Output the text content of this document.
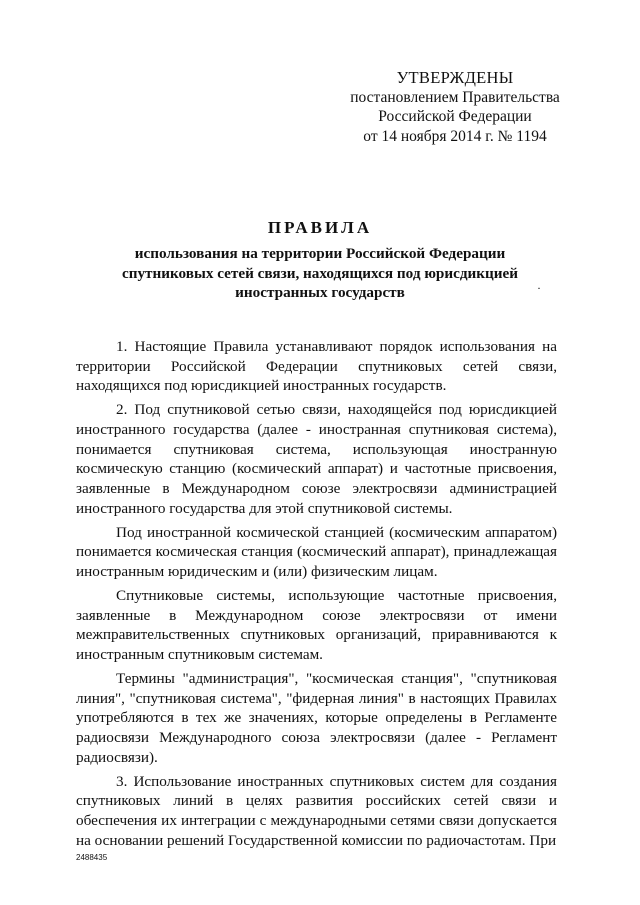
УТВЕРЖДЕНЫ
постановлением Правительства
Российской Федерации
от 14 ноября 2014 г. № 1194
ПРАВИЛА
использования на территории Российской Федерации спутниковых сетей связи, находящихся под юрисдикцией иностранных государств	·

1. Настоящие Правила устанавливают порядок использования на территории Российской Федерации спутниковых сетей связи, находящихся под юрисдикцией иностранных государств.

2. Под спутниковой сетью связи, находящейся под юрисдикцией иностранного государства (далее - иностранная спутниковая система), понимается спутниковая система, использующая иностранную космическую станцию (космический аппарат) и частотные присвоения, заявленные в Международном союзе электросвязи администрацией иностранного государства для этой спутниковой системы.

Под иностранной космической станцией (космическим аппаратом) понимается космическая станция (космический аппарат), принадлежащая иностранным юридическим и (или) физическим лицам.

Спутниковые системы, использующие частотные присвоения, заявленные в Международном союзе электросвязи от имени межправительственных спутниковых организаций, приравниваются к иностранным спутниковым системам.

Термины "администрация", "космическая станция", "спутниковая линия", "спутниковая система", "фидерная линия" в настоящих Правилах употребляются в тех же значениях, которые определены в Регламенте радиосвязи Международного союза электросвязи (далее - Регламент радиосвязи).

3. Использование иностранных спутниковых систем для создания спутниковых линий в целях развития российских сетей связи и обеспечения их интеграции с международными сетями связи допускается на основании решений Государственной комиссии по радиочастотам. При

2488435
